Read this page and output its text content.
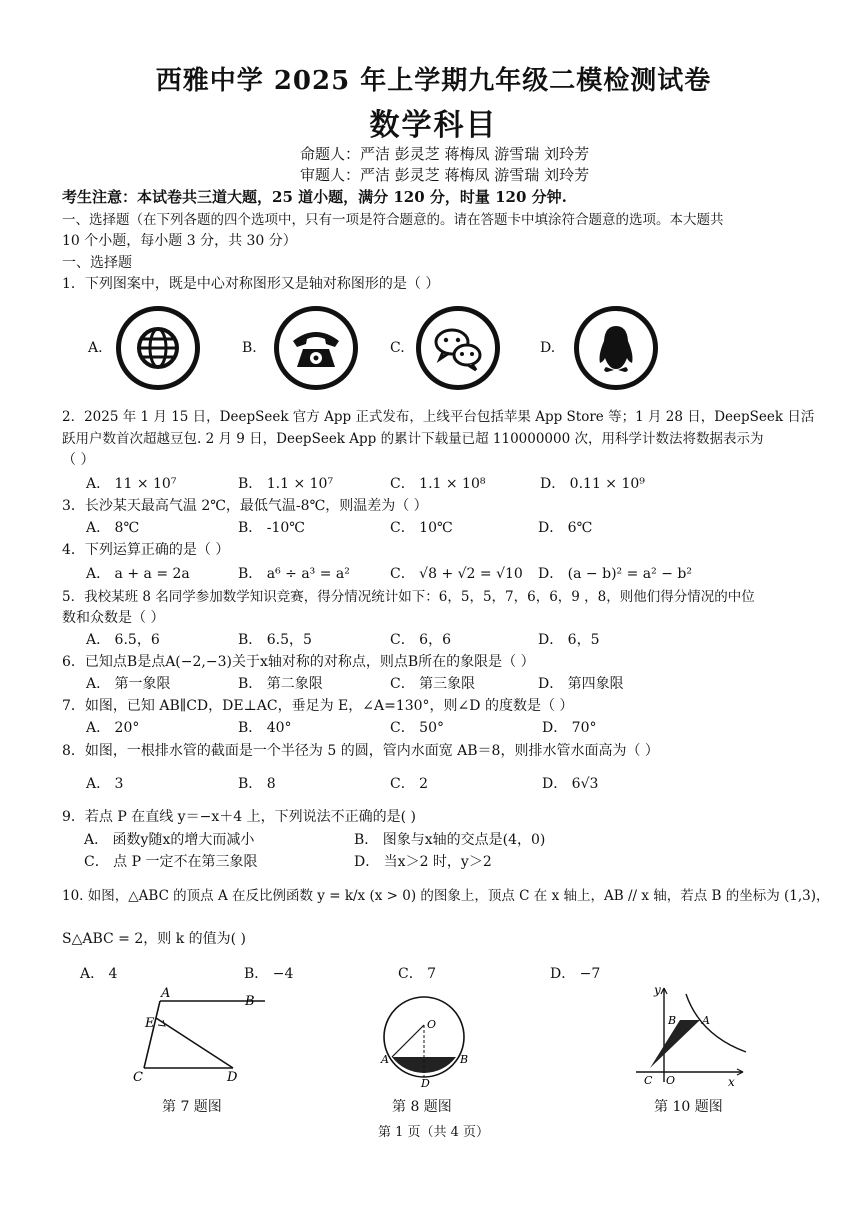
西雅中学 2025 年上学期九年级二模检测试卷
数学科目
命题人：严洁 彭灵芝 蒋梅凤 游雪瑞 刘玲芳
审题人：严洁 彭灵芝 蒋梅凤 游雪瑞 刘玲芳
考生注意：本试卷共三道大题，25 道小题，满分 120 分，时量 120 分钟.
一、选择题（在下列各题的四个选项中，只有一项是符合题意的。请在答题卡中填涂符合题意的选项。本大题共
10 个小题，每小题 3 分，共 30 分）
一、选择题
1．下列图案中，既是中心对称图形又是轴对称图形的是（ ）
A.	B.	C.	D.
2．2025 年 1 月 15 日，DeepSeek 官方 App 正式发布，上线平台包括苹果 App Store 等；1 月 28 日，DeepSeek 日活
跃用户数首次超越豆包. 2 月 9 日，DeepSeek App 的累计下载量已超 110000000 次，用科学计数法将数据表示为
（ ）
A． 11 × 10⁷	B． 1.1 × 10⁷	C． 1.1 × 10⁸	D． 0.11 × 10⁹
3．长沙某天最高气温 2℃，最低气温-8℃，则温差为（ ）
A． 8℃	B． -10℃	C． 10℃	D． 6℃
4．下列运算正确的是（ ）
A． a + a = 2a	B． a⁶ ÷ a³ = a²	C． √8 + √2 = √10 D． (a − b)² = a² − b²
5．我校某班 8 名同学参加数学知识竞赛，得分情况统计如下：6，5，5，7，6，6，9 ，8，则他们得分情况的中位
数和众数是（ ）
A． 6.5，6	B． 6.5，5	C． 6，6	D． 6，5
6．已知点B是点A(−2,−3)关于x轴对称的对称点，则点B所在的象限是（ ）
A． 第一象限	B． 第二象限	C． 第三象限	D． 第四象限
7．如图，已知 AB∥CD，DE⊥AC，垂足为 E，∠A=130°，则∠D 的度数是（ ）
A． 20°	B． 40°	C． 50°	D． 70°
8．如图，一根排水管的截面是一个半径为 5 的圆，管内水面宽 AB＝8，则排水管水面高为（ ）
A． 3	B． 8	C． 2	D． 6√3
9．若点 P 在直线 y＝−x＋4 上，下列说法不正确的是( )
A． 函数y随x的增大而减小	B． 图象与x轴的交点是(4，0)
C． 点 P 一定不在第三象限	D． 当x＞2 时，y＞2
10. 如图，△ABC 的顶点 A 在反比例函数 y = k/x (x > 0) 的图象上，顶点 C 在 x 轴上，AB // x 轴，若点 B 的坐标为 (1,3)，
S△ABC = 2，则 k 的值为( )
A． 4	B． −4	C． 7	D． −7
A
B
E
C	D
O
A	B
D
y
B A
C O	x
第 7 题图	第 8 题图	第 10 题图
第 1 页（共 4 页）
